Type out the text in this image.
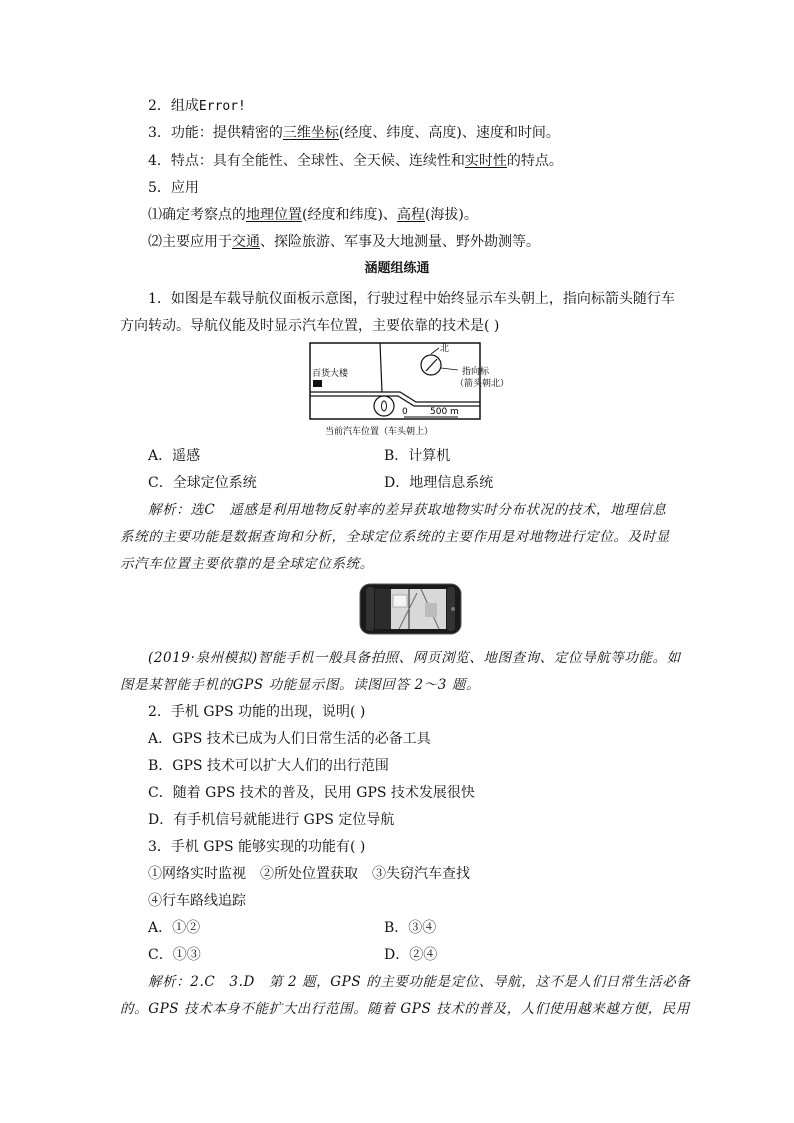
2．组成Error!
3．功能：提供精密的三维坐标(经度、纬度、高度)、速度和时间。
4．特点：具有全能性、全球性、全天候、连续性和实时性的特点。
5．应用
⑴确定考察点的地理位置(经度和纬度)、高程(海拔)。
⑵主要应用于交通、探险旅游、军事及大地测量、野外勘测等。
涵题组练通
1．如图是车载导航仪面板示意图，行驶过程中始终显示车头朝上，指向标箭头随行车
方向转动。导航仪能及时显示汽车位置，主要依靠的技术是( )
百货大楼
北
指向标
（箭头朝北）
0 500 m
当前汽车位置（车头朝上）
A．遥感	B．计算机
C．全球定位系统	D．地理信息系统
解析：选C　遥感是利用地物反射率的差异获取地物实时分布状况的技术，地理信息
系统的主要功能是数据查询和分析，全球定位系统的主要作用是对地物进行定位。及时显
示汽车位置主要依靠的是全球定位系统。
(2019·泉州模拟)智能手机一般具备拍照、网页浏览、地图查询、定位导航等功能。如
图是某智能手机的GPS 功能显示图。读图回答 2～3 题。
2．手机 GPS 功能的出现，说明( )
A．GPS 技术已成为人们日常生活的必备工具
B．GPS 技术可以扩大人们的出行范围
C．随着 GPS 技术的普及，民用 GPS 技术发展很快
D．有手机信号就能进行 GPS 定位导航
3．手机 GPS 能够实现的功能有( )
①网络实时监视　②所处位置获取　③失窃汽车查找
④行车路线追踪
A．①②	B．③④
C．①③	D．②④
解析：2.C　3.D　第 2 题，GPS 的主要功能是定位、导航，这不是人们日常生活必备
的。GPS 技术本身不能扩大出行范围。随着 GPS 技术的普及，人们使用越来越方便，民用
